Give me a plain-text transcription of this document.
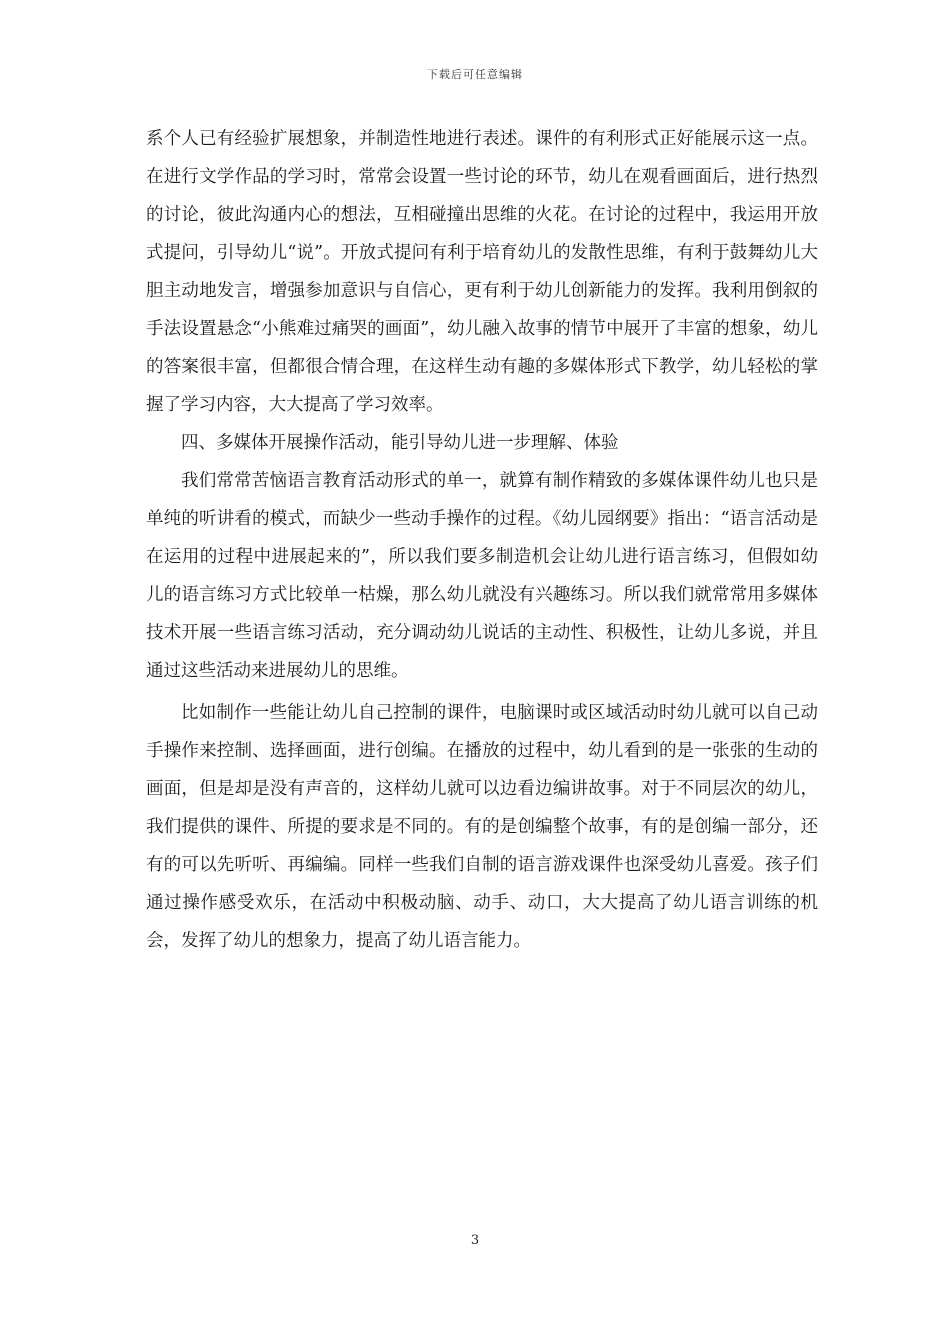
下载后可任意编辑

系个人已有经验扩展想象，并制造性地进行表述。课件的有利形式正好能展示这一点。在进行文学作品的学习时，常常会设置一些讨论的环节，幼儿在观看画面后，进行热烈的讨论，彼此沟通内心的想法，互相碰撞出思维的火花。在讨论的过程中，我运用开放式提问，引导幼儿“说”。开放式提问有利于培育幼儿的发散性思维，有利于鼓舞幼儿大胆主动地发言，增强参加意识与自信心，更有利于幼儿创新能力的发挥。我利用倒叙的手法设置悬念“小熊难过痛哭的画面”，幼儿融入故事的情节中展开了丰富的想象，幼儿的答案很丰富，但都很合情合理，在这样生动有趣的多媒体形式下教学，幼儿轻松的掌握了学习内容，大大提高了学习效率。

四、多媒体开展操作活动，能引导幼儿进一步理解、体验

我们常常苦恼语言教育活动形式的单一，就算有制作精致的多媒体课件幼儿也只是单纯的听讲看的模式，而缺少一些动手操作的过程。《幼儿园纲要》指出：“语言活动是在运用的过程中进展起来的”，所以我们要多制造机会让幼儿进行语言练习，但假如幼儿的语言练习方式比较单一枯燥，那么幼儿就没有兴趣练习。所以我们就常常用多媒体技术开展一些语言练习活动，充分调动幼儿说话的主动性、积极性，让幼儿多说，并且通过这些活动来进展幼儿的思维。

比如制作一些能让幼儿自己控制的课件，电脑课时或区域活动时幼儿就可以自己动手操作来控制、选择画面，进行创编。在播放的过程中，幼儿看到的是一张张的生动的画面，但是却是没有声音的，这样幼儿就可以边看边编讲故事。对于不同层次的幼儿，我们提供的课件、所提的要求是不同的。有的是创编整个故事，有的是创编一部分，还有的可以先听听、再编编。同样一些我们自制的语言游戏课件也深受幼儿喜爱。孩子们通过操作感受欢乐，在活动中积极动脑、动手、动口，大大提高了幼儿语言训练的机会，发挥了幼儿的想象力，提高了幼儿语言能力。

3
